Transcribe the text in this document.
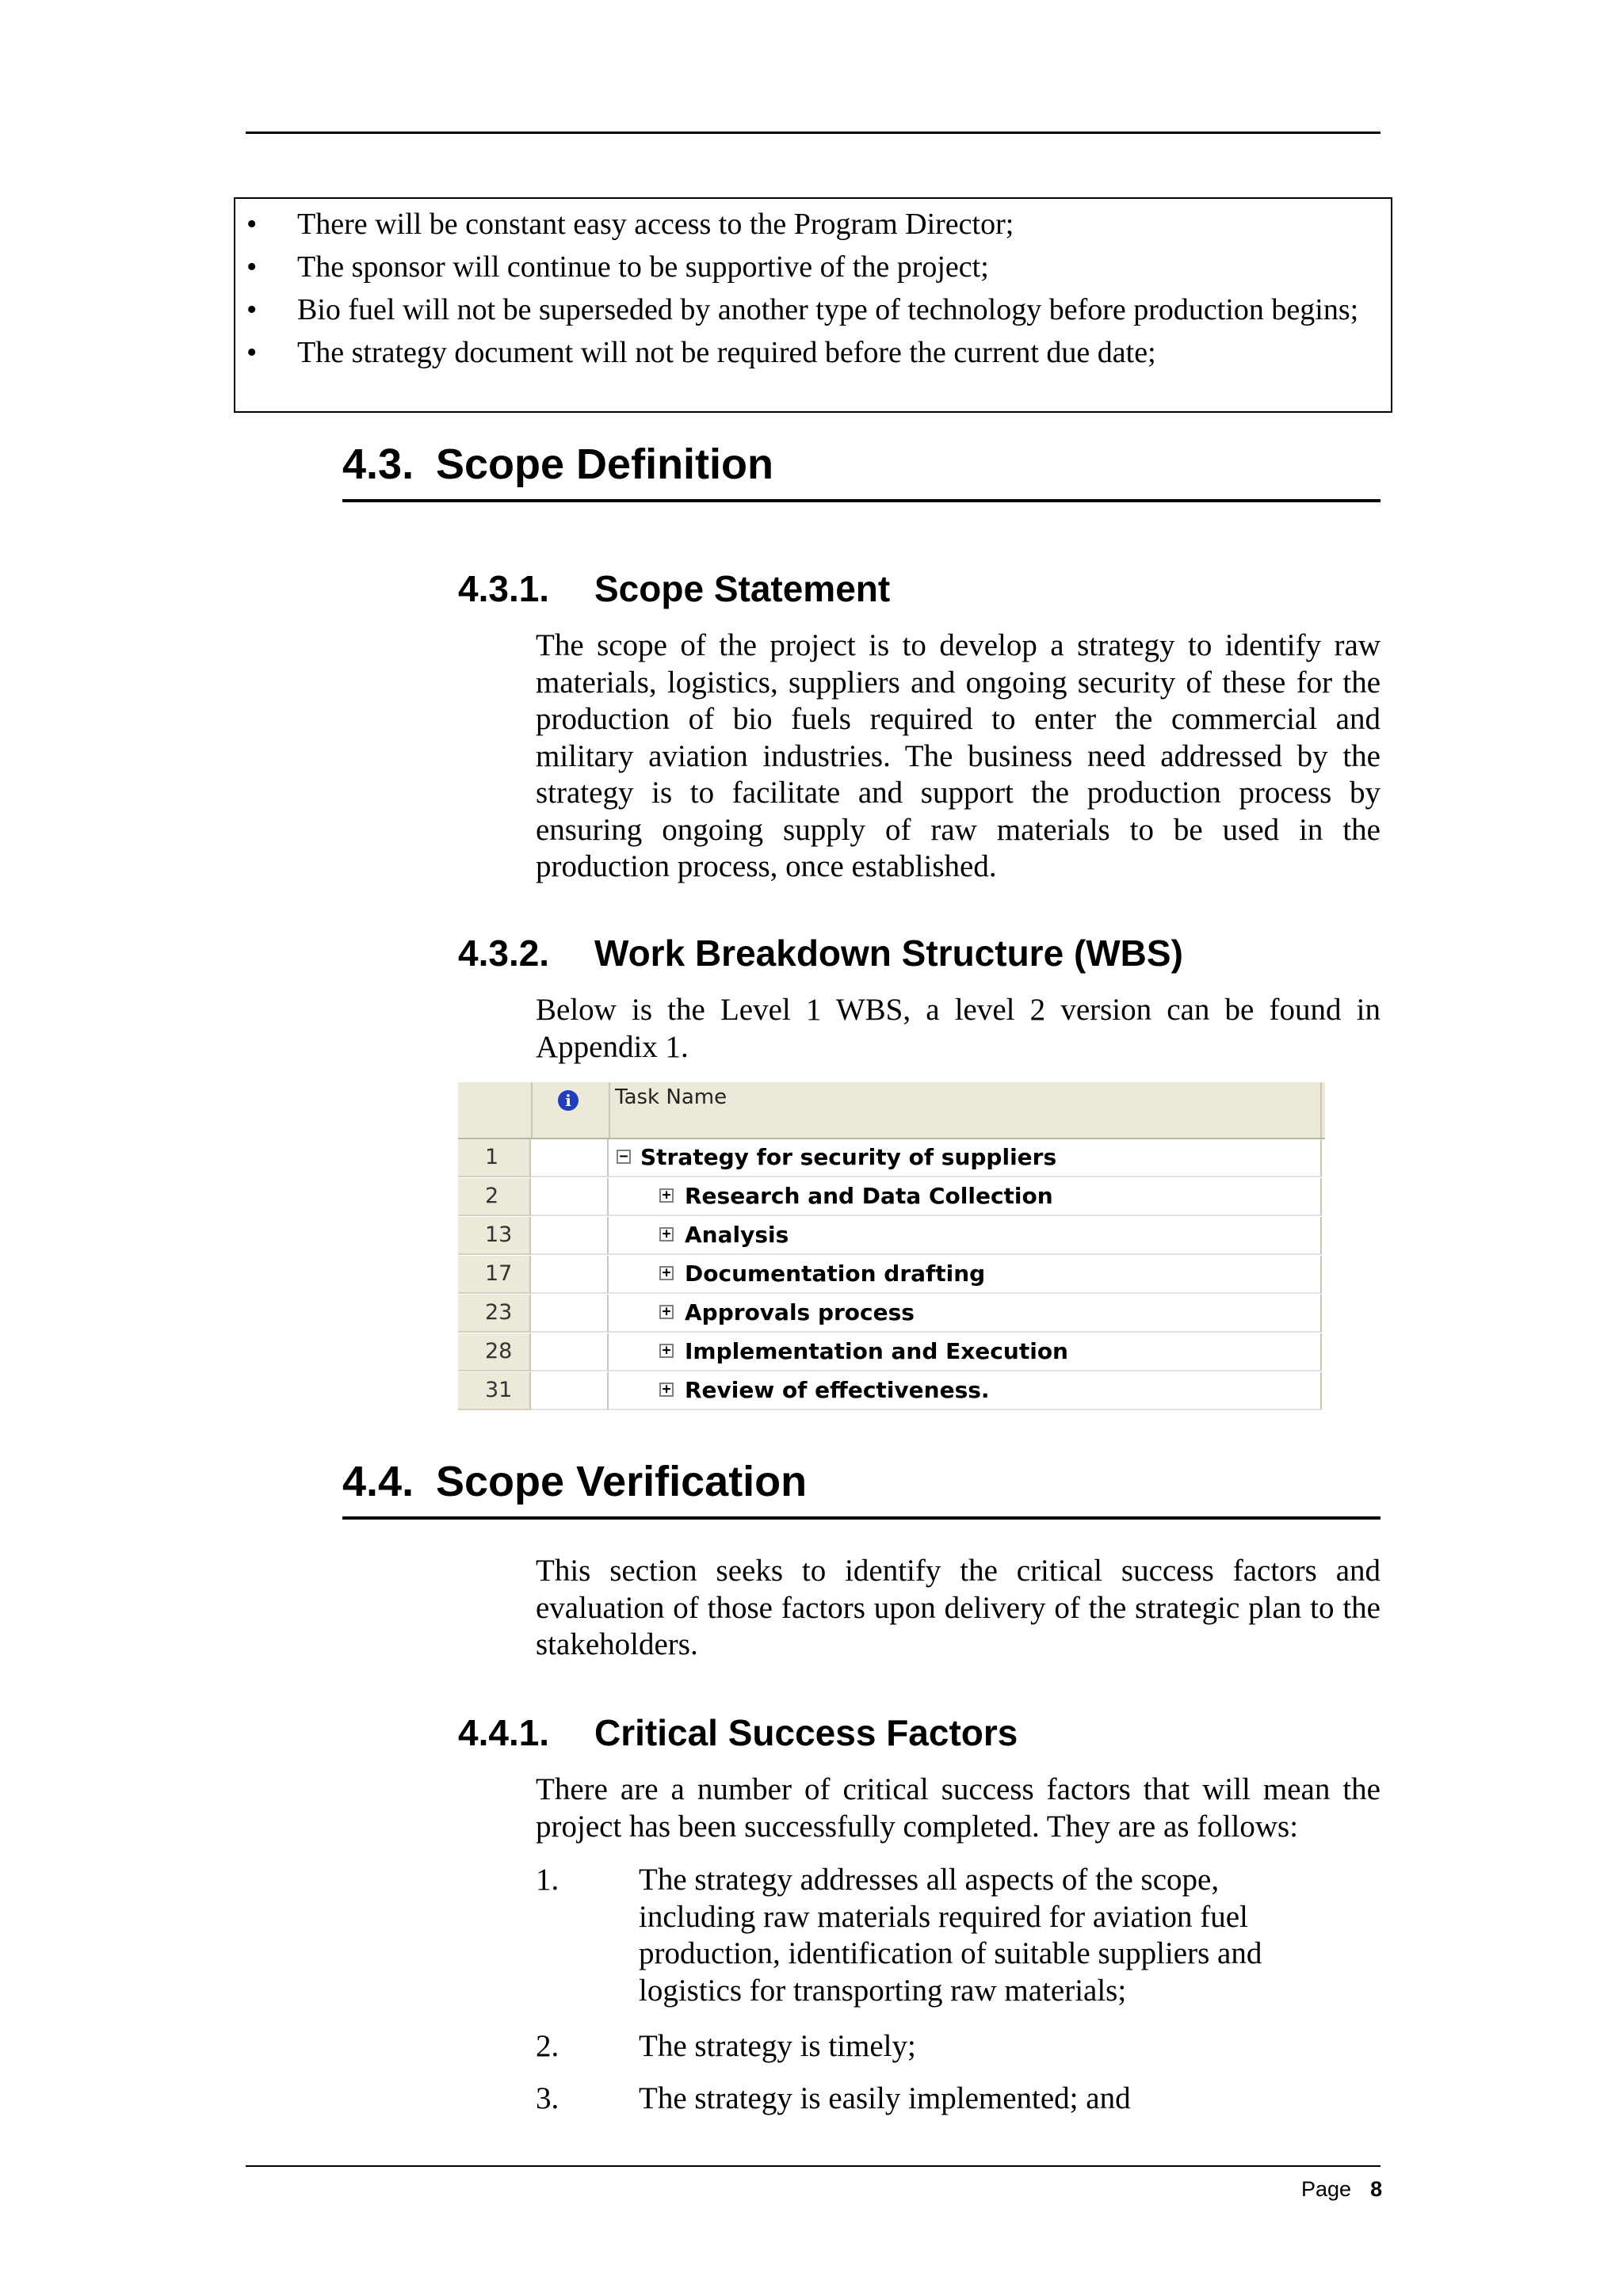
• There will be constant easy access to the Program Director;
• The sponsor will continue to be supportive of the project;
• Bio fuel will not be superseded by another type of technology before production begins;
• The strategy document will not be required before the current due date;
4.3. Scope Definition
4.3.1. Scope Statement
The scope of the project is to develop a strategy to identify raw materials, logistics, suppliers and ongoing security of these for the production of bio fuels required to enter the commercial and military aviation industries. The business need addressed by the strategy is to facilitate and support the production process by ensuring ongoing supply of raw materials to be used in the production process, once established.
4.3.2. Work Breakdown Structure (WBS)
Below is the Level 1 WBS, a level 2 version can be found in Appendix 1.
i	Task Name
1	− Strategy for security of suppliers
2	+ Research and Data Collection
13	+ Analysis
17	+ Documentation drafting
23	+ Approvals process
28	+ Implementation and Execution
31	+ Review of effectiveness.
4.4. Scope Verification
This section seeks to identify the critical success factors and evaluation of those factors upon delivery of the strategic plan to the stakeholders.
4.4.1. Critical Success Factors
There are a number of critical success factors that will mean the project has been successfully completed. They are as follows:
1.	The strategy addresses all aspects of the scope, including raw materials required for aviation fuel production, identification of suitable suppliers and logistics for transporting raw materials;
2.	The strategy is timely;
3.	The strategy is easily implemented; and
Page 8
